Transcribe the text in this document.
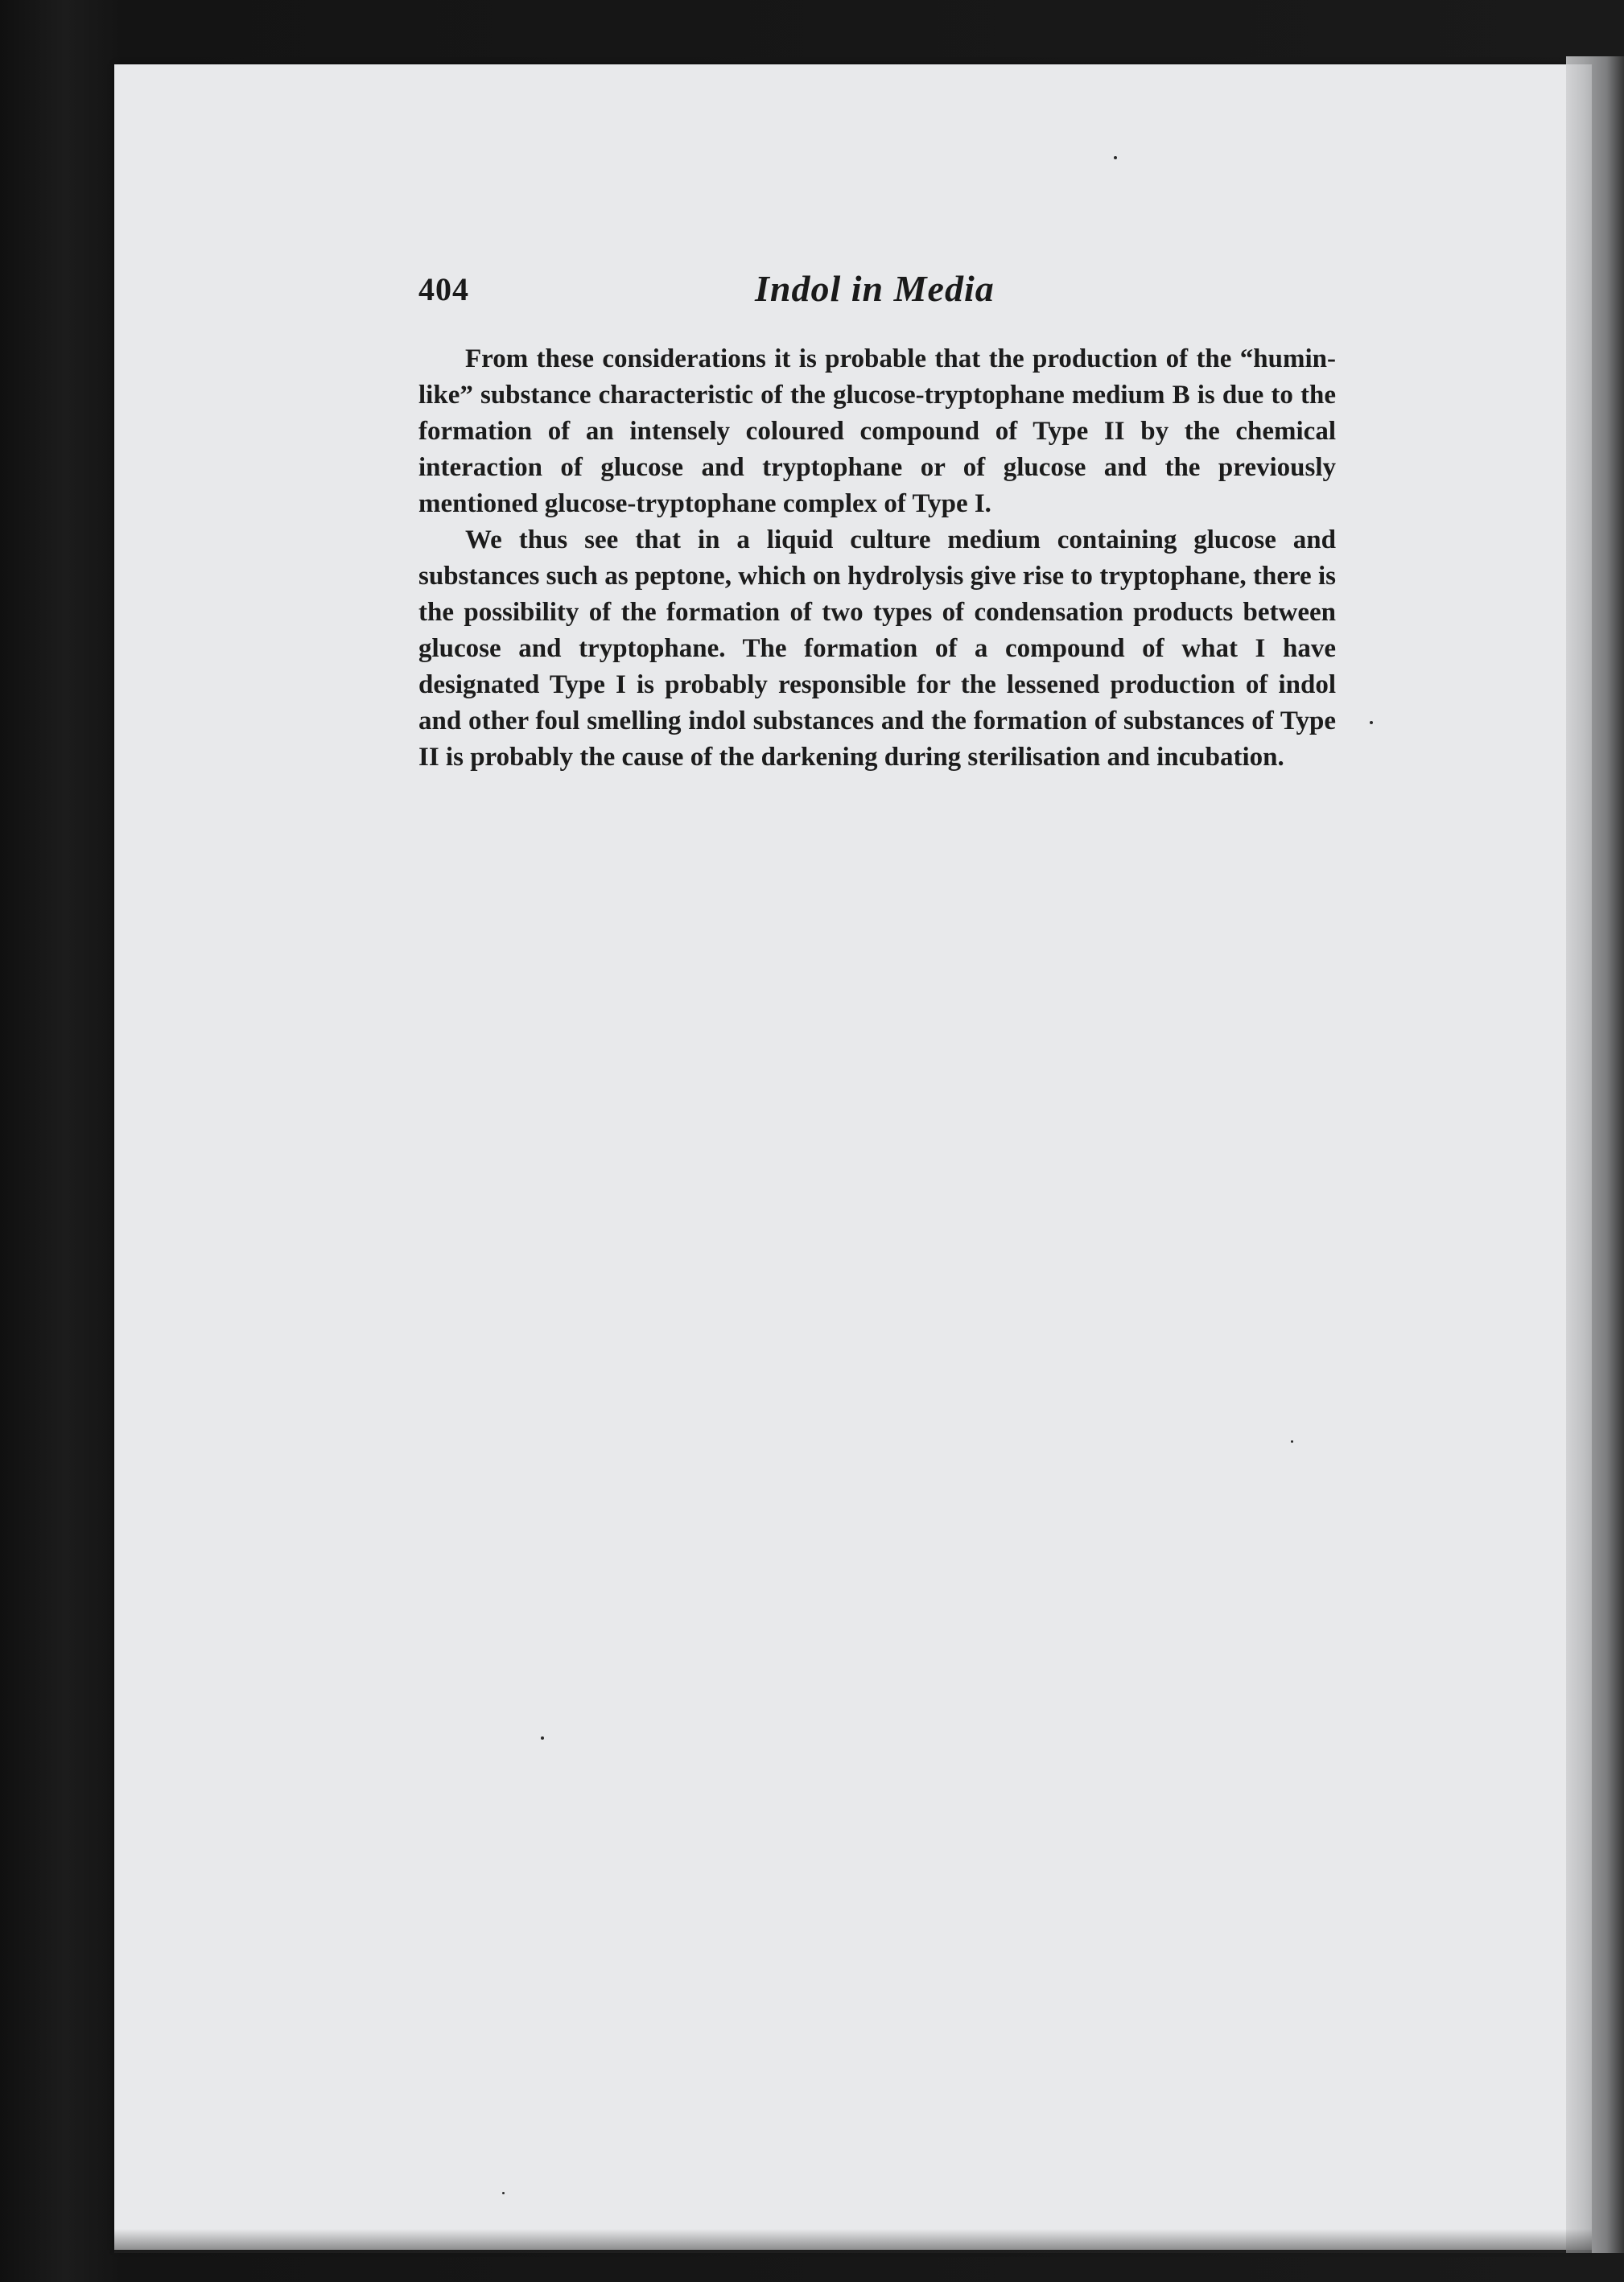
404	Indol in Media

From these considerations it is probable that the production of the “humin-like” substance characteristic of the glucose-tryptophane medium B is due to the formation of an intensely coloured compound of Type II by the chemical interaction of glucose and tryptophane or of glucose and the previously mentioned glucose-tryptophane complex of Type I.

We thus see that in a liquid culture medium containing glucose and substances such as peptone, which on hydrolysis give rise to tryptophane, there is the possibility of the formation of two types of condensation products between glucose and tryptophane. The formation of a compound of what I have designated Type I is probably responsible for the lessened production of indol and other foul smelling indol substances and the formation of substances of Type II is probably the cause of the darkening during sterilisation and incubation.
